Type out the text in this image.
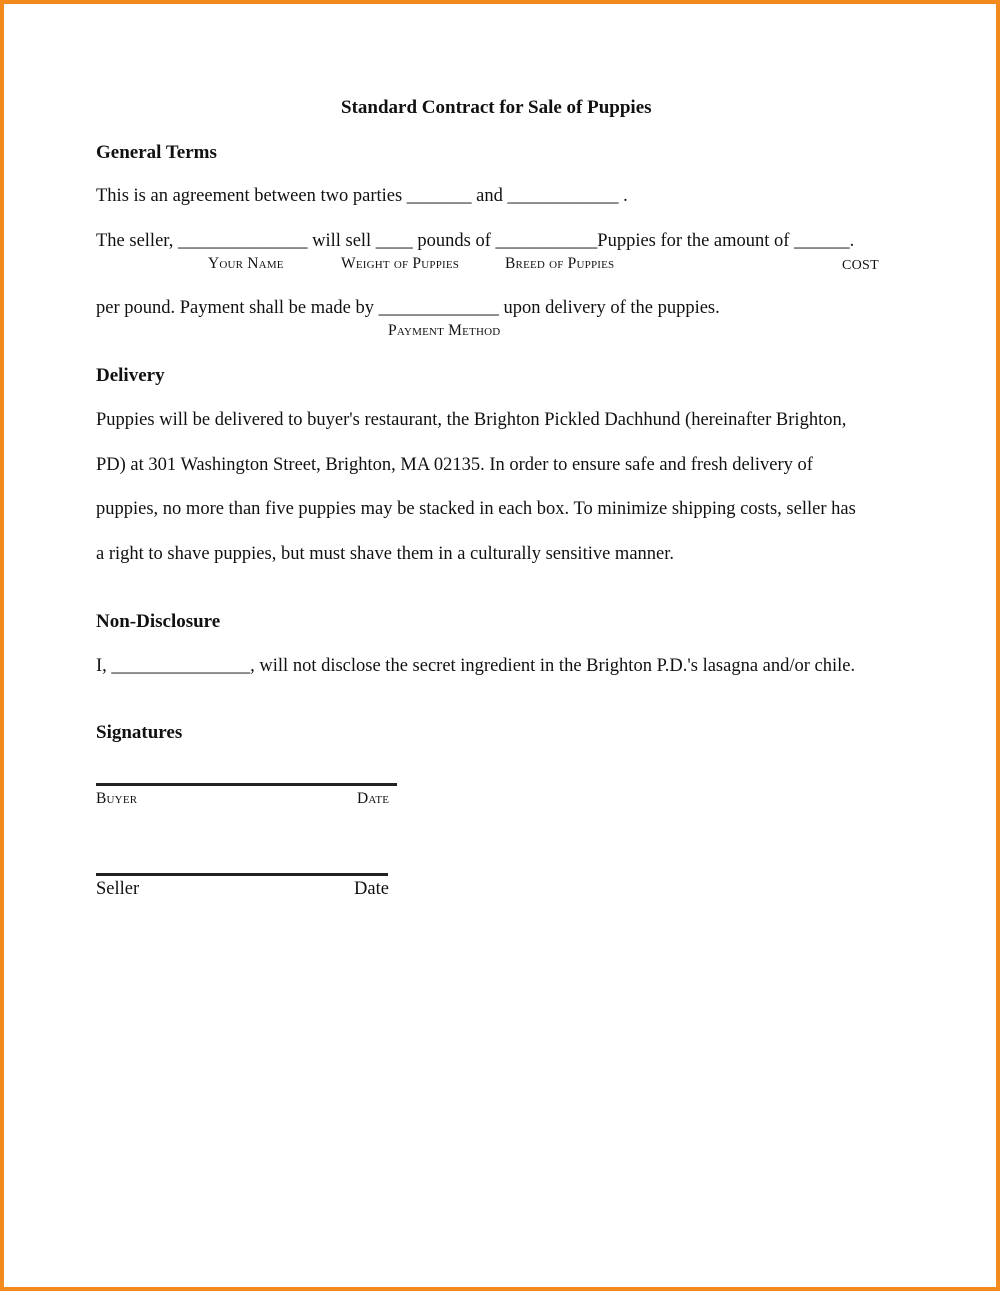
Standard Contract for Sale of Puppies
General Terms
This is an agreement between two parties _______ and ____________ .
The seller, ______________ will sell ____ pounds of ___________Puppies for the amount of ______.
Your Name	Weight of Puppies	Breed of Puppies	COST
per pound. Payment shall be made by _____________ upon delivery of the puppies.
Payment Method
Delivery
Puppies will be delivered to buyer's restaurant, the Brighton Pickled Dachhund (hereinafter Brighton,
PD) at 301 Washington Street, Brighton, MA 02135. In order to ensure safe and fresh delivery of
puppies, no more than five puppies may be stacked in each box. To minimize shipping costs, seller has
a right to shave puppies, but must shave them in a culturally sensitive manner.
Non-Disclosure
I, _______________, will not disclose the secret ingredient in the Brighton P.D.'s lasagna and/or chile.
Signatures
Buyer	Date
Seller	Date
